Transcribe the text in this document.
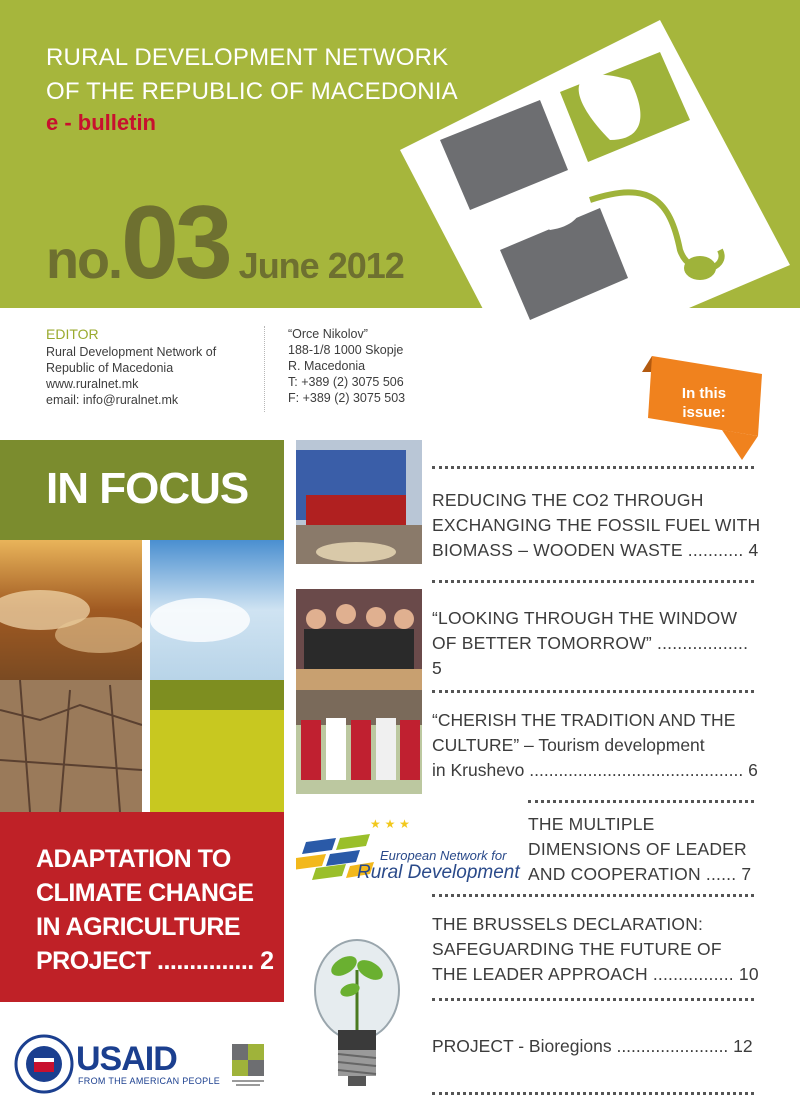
RURAL DEVELOPMENT NETWORK
OF THE REPUBLIC OF MACEDONIA
e - bulletin
no.03 June 2012
EDITOR
Rural Development Network of
Republic of Macedonia
www.ruralnet.mk
email: info@ruralnet.mk
“Orce Nikolov”
188-1/8 1000 Skopje
R. Macedonia
T: +389 (2) 3075 506
F: +389 (2) 3075 503	In this
issue:
IN FOCUS

ADAPTATION TO
CLIMATE CHANGE
IN AGRICULTURE
PROJECT ............... 2

REDUCING THE CO2 THROUGH
EXCHANGING THE FOSSIL FUEL WITH
BIOMASS – WOODEN WASTE ........... 4
“LOOKING THROUGH THE WINDOW
OF BETTER TOMORROW” .................. 5
“CHERISH THE TRADITION AND THE
CULTURE” – Tourism development
in Krushevo ............................................ 6
THE MULTIPLE
DIMENSIONS OF LEADER
AND COOPERATION ...... 7
THE BRUSSELS DECLARATION:
SAFEGUARDING THE FUTURE OF
THE LEADER APPROACH ................ 10
PROJECT - Bioregions ....................... 12
★ ★ ★
European Network for
Rural Development
USAID
FROM THE AMERICAN PEOPLE
